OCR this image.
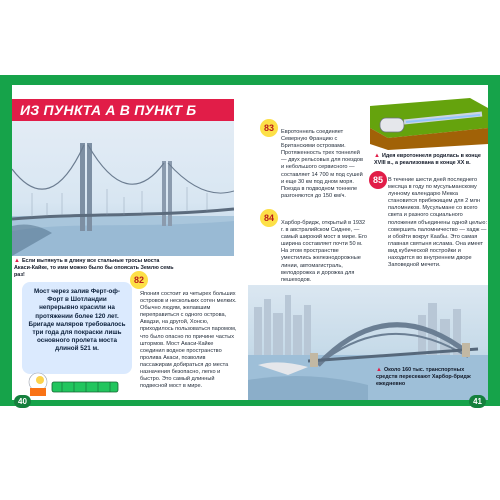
ИЗ ПУНКТА А В ПУНКТ Б
▲ Если вытянуть в длину все стальные тросы моста Акаси-Кайке, то ими можно было бы опоясать Землю семь раз!
Мост через залив Ферт-оф-Форт в Шотландии непрерывно красили на протяжении более 120 лет. Бригаде маляров требовалось три года для покраски лишь основного пролета моста длиной 521 м.
82
Япония состоит из четырех больших островов и нескольких сотен мелких. Обычно людям, желавшим переправиться с одного острова, Авадзи, на другой, Хонсю, приходилось пользоваться паромом, что было опасно по причине частых штормов. Мост Акаси-Кайке соединил водное пространство пролива Акаси, позволив пассажирам добираться до места назначения безопасно, легко и быстро. Это самый длинный подвесной мост в мире.
83	Евротоннель соединяет Северную Францию с Британскими островами. Протяженность трех тоннелей — двух рельсовых для поездов и небольшого сервисного — составляет 14 700 м под сушей и еще 30 км под дном моря. Поезда в подводном тоннеле разгоняются до 150 км/ч.
▲ Идея евротоннеля родилась в конце XVIII в., а реализована в конце XX в.
84	Харбор-бридж, открытый в 1932 г. в австралийском Сиднее, — самый широкий мост в мире. Его ширина составляет почти 50 м. На этом пространстве уместились железнодорожные линии, автомагистраль, велодорожка и дорожка для пешеходов.
85 В течение шести дней последнего месяца в году по мусульманскому лунному календарю Мекка становится прибежищем для 2 млн паломников. Мусульмане со всего света и разного социального положения объединены одной целью: совершить паломничество — хадж — и обойти вокруг Каабы. Это самая главная святыня ислама. Она имеет вид кубической постройки и находится во внутреннем дворе Заповедной мечети.
▲ Около 160 тыс. транспортных средств пересекают Харбор-бридж ежедневно
40	41
